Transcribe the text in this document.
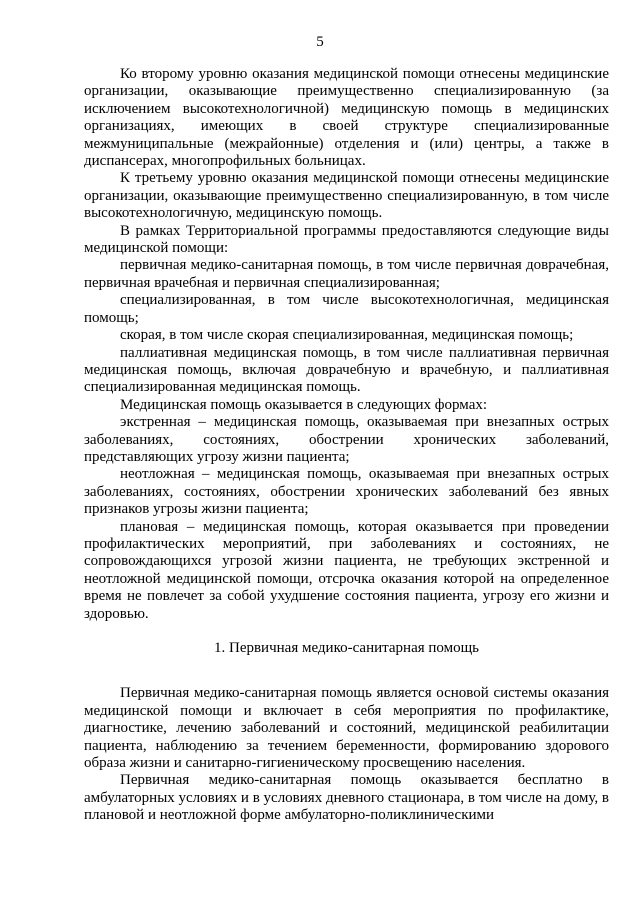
5

Ко второму уровню оказания медицинской помощи отнесены медицинские организации, оказывающие преимущественно специализированную (за исключением высокотехнологичной) медицинскую помощь в медицинских организациях, имеющих в своей структуре специализированные межмуниципальные (межрайонные) отделения и (или) центры, а также в диспансерах, многопрофильных больницах.

К третьему уровню оказания медицинской помощи отнесены медицинские организации, оказывающие преимущественно специализированную, в том числе высокотехнологичную, медицинскую помощь.

В рамках Территориальной программы предоставляются следующие виды медицинской помощи:

первичная медико-санитарная помощь, в том числе первичная доврачебная, первичная врачебная и первичная специализированная;

специализированная, в том числе высокотехнологичная, медицинская помощь;

скорая, в том числе скорая специализированная, медицинская помощь;

паллиативная медицинская помощь, в том числе паллиативная первичная медицинская помощь, включая доврачебную и врачебную, и паллиативная специализированная медицинская помощь.

Медицинская помощь оказывается в следующих формах:

экстренная – медицинская помощь, оказываемая при внезапных острых заболеваниях, состояниях, обострении хронических заболеваний, представляющих угрозу жизни пациента;

неотложная – медицинская помощь, оказываемая при внезапных острых заболеваниях, состояниях, обострении хронических заболеваний без явных признаков угрозы жизни пациента;

плановая – медицинская помощь, которая оказывается при проведении профилактических мероприятий, при заболеваниях и состояниях, не сопровождающихся угрозой жизни пациента, не требующих экстренной и неотложной медицинской помощи, отсрочка оказания которой на определенное время не повлечет за собой ухудшение состояния пациента, угрозу его жизни и здоровью.

1. Первичная медико-санитарная помощь

Первичная медико-санитарная помощь является основой системы оказания медицинской помощи и включает в себя мероприятия по профилактике, диагностике, лечению заболеваний и состояний, медицинской реабилитации пациента, наблюдению за течением беременности, формированию здорового образа жизни и санитарно-гигиеническому просвещению населения.

Первичная медико-санитарная помощь оказывается бесплатно в амбулаторных условиях и в условиях дневного стационара, в том числе на дому, в плановой и неотложной форме амбулаторно-поликлиническими
